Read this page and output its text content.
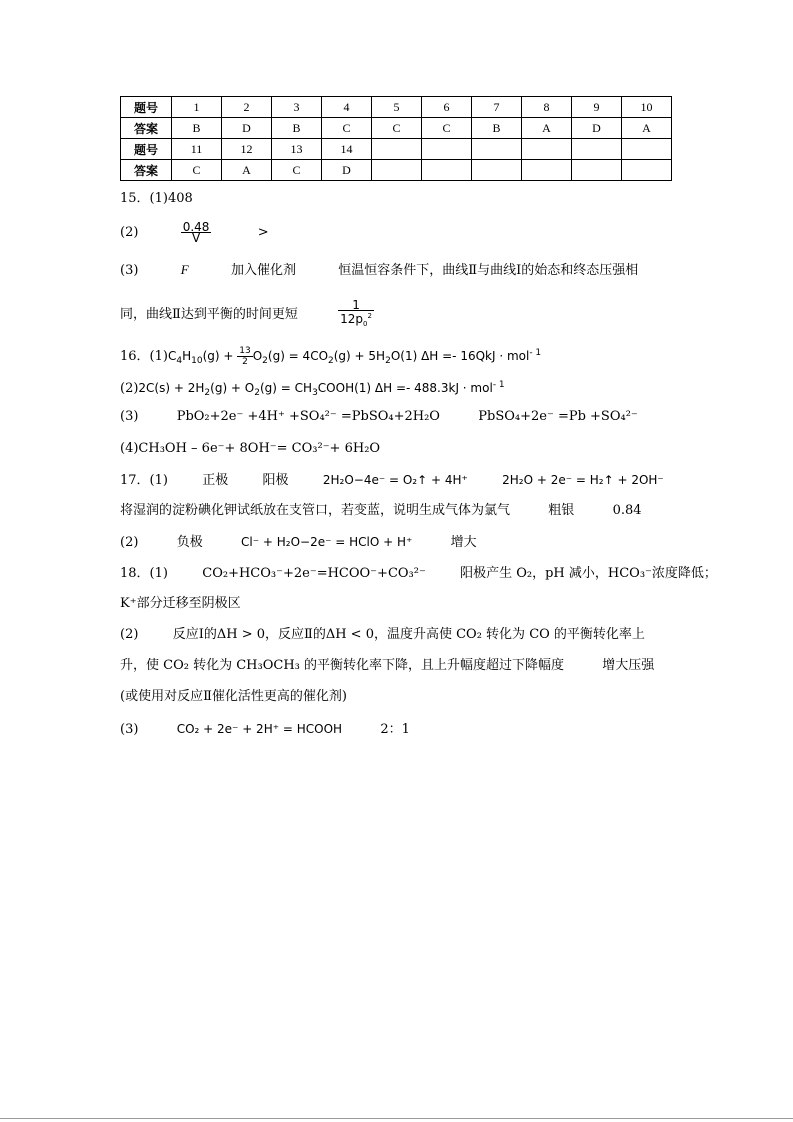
题号	1	2	3	4	5	6	7	8	9	10
答案	B	D	B	C	C	C	B	A	D	A
题号	11	12	13	14						
答案	C	A	C	D						
15．(1)408
(2)	$\frac{0.48}{V}$	>
(3)	F	加入催化剂	恒温恒容条件下，曲线Ⅱ与曲线Ⅰ的始态和终态压强相
同，曲线Ⅱ达到平衡的时间更短	$\frac{1}{12p_0^2}$
16．$(1)C_4H_{10}(g) + \frac{13}{2} O_2(g) = 4CO_2(g) + 5H_2O(1) \Delta H =- 16QkJ \cdot mol^{- 1}$
$(2)2C(s) + 2H_2(g) + O_2(g)$ = $CH_3COOH(1) \Delta H =- 488.3kJ \cdot mol^{- 1}$
(3)	PbO₂+2e⁻ +4H⁺ +SO₄²⁻ =PbSO₄+2H₂O	PbSO₄+2e⁻ =Pb +SO₄²⁻
(4)CH₃OH – 6e⁻+ 8OH⁻= CO₃²⁻+ 6H₂O
17．(1)	正极	阳极	2H₂O−4e⁻ = O₂↑ + 4H⁺	2H₂O + 2e⁻ = H₂↑ + 2OH⁻
将湿润的淀粉碘化钾试纸放在支管口，若变蓝，说明生成气体为氯气	粗银	0.84
(2)	负极	Cl⁻ + H₂O−2e⁻ = HClO + H⁺	增大
18．(1)	CO₂+HCO₃⁻+2e⁻=HCOO⁻+CO₃²⁻	阳极产生 O₂，pH 减小，HCO₃⁻浓度降低；
K⁺部分迁移至阴极区
(2)	反应Ⅰ的ΔH > 0，反应Ⅱ的ΔH < 0，温度升高使 CO₂ 转化为 CO 的平衡转化率上
升，使 CO₂ 转化为 CH₃OCH₃ 的平衡转化率下降，且上升幅度超过下降幅度	增大压强
(或使用对反应Ⅱ催化活性更高的催化剂)
(3)	CO₂ + 2e⁻ + 2H⁺ = HCOOH	2：1
